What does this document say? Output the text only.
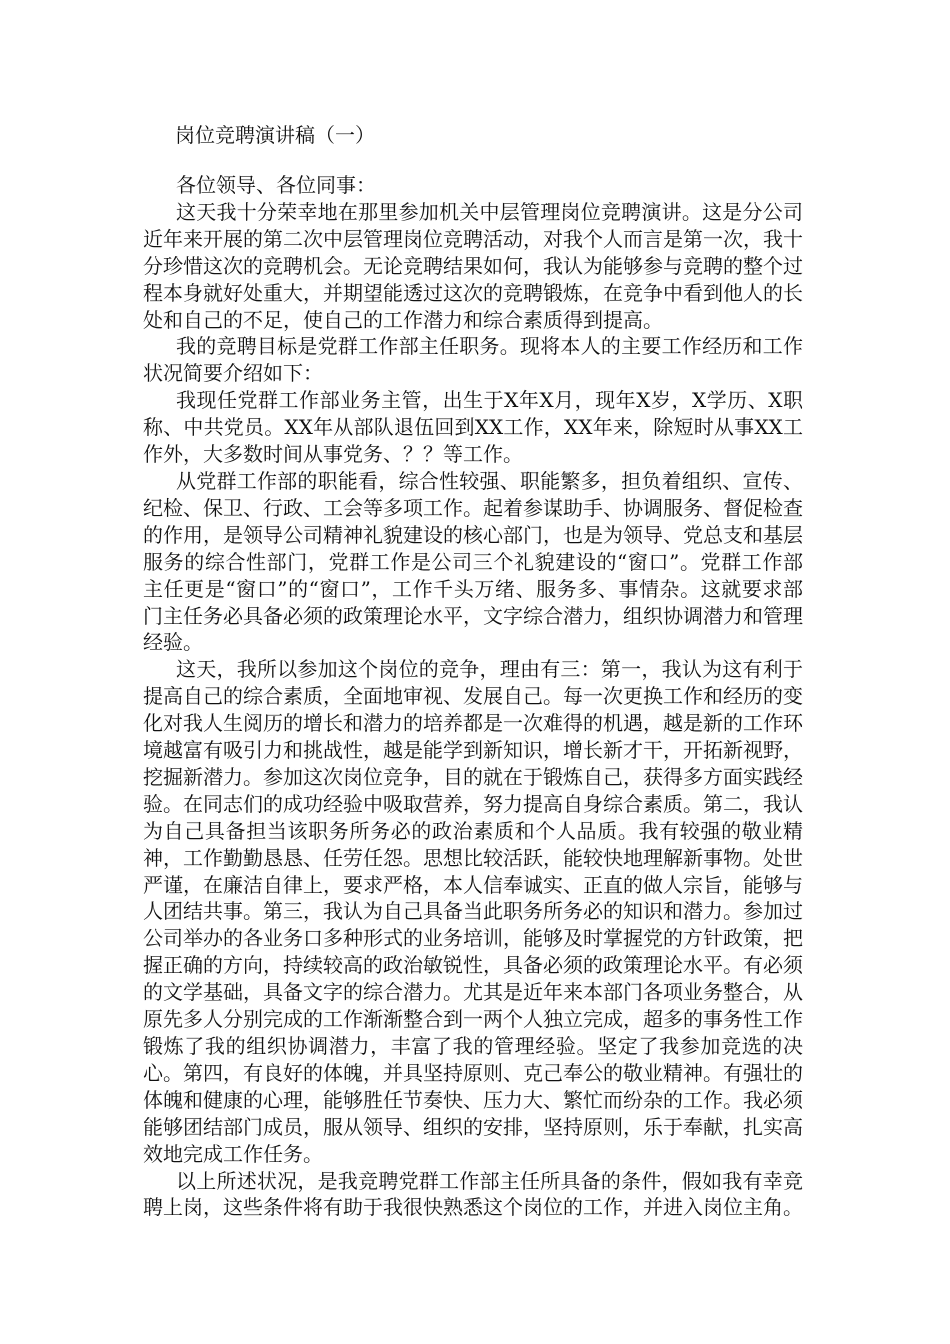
岗位竞聘演讲稿（一）

各位领导、各位同事：

这天我十分荣幸地在那里参加机关中层管理岗位竞聘演讲。这是分公司近年来开展的第二次中层管理岗位竞聘活动，对我个人而言是第一次，我十分珍惜这次的竞聘机会。无论竞聘结果如何，我认为能够参与竞聘的整个过程本身就好处重大，并期望能透过这次的竞聘锻炼，在竞争中看到他人的长处和自己的不足，使自己的工作潜力和综合素质得到提高。

我的竞聘目标是党群工作部主任职务。现将本人的主要工作经历和工作状况简要介绍如下：

我现任党群工作部业务主管，出生于X年X月，现年X岁，X学历、X职称、中共党员。XX年从部队退伍回到XX工作，XX年来，除短时从事XX工作外，大多数时间从事党务、？？等工作。

从党群工作部的职能看，综合性较强、职能繁多，担负着组织、宣传、纪检、保卫、行政、工会等多项工作。起着参谋助手、协调服务、督促检查的作用，是领导公司精神礼貌建设的核心部门，也是为领导、党总支和基层服务的综合性部门，党群工作是公司三个礼貌建设的“窗口”。党群工作部主任更是“窗口”的“窗口”，工作千头万绪、服务多、事情杂。这就要求部门主任务必具备必须的政策理论水平，文字综合潜力，组织协调潜力和管理经验。

这天，我所以参加这个岗位的竞争，理由有三：第一，我认为这有利于提高自己的综合素质，全面地审视、发展自己。每一次更换工作和经历的变化对我人生阅历的增长和潜力的培养都是一次难得的机遇，越是新的工作环境越富有吸引力和挑战性，越是能学到新知识，增长新才干，开拓新视野，挖掘新潜力。参加这次岗位竞争，目的就在于锻炼自己，获得多方面实践经验。在同志们的成功经验中吸取营养，努力提高自身综合素质。第二，我认为自己具备担当该职务所务必的政治素质和个人品质。我有较强的敬业精神，工作勤勤恳恳、任劳任怨。思想比较活跃，能较快地理解新事物。处世严谨，在廉洁自律上，要求严格，本人信奉诚实、正直的做人宗旨，能够与人团结共事。第三，我认为自己具备当此职务所务必的知识和潜力。参加过公司举办的各业务口多种形式的业务培训，能够及时掌握党的方针政策，把握正确的方向，持续较高的政治敏锐性，具备必须的政策理论水平。有必须的文学基础，具备文字的综合潜力。尤其是近年来本部门各项业务整合，从原先多人分别完成的工作渐渐整合到一两个人独立完成，超多的事务性工作锻炼了我的组织协调潜力，丰富了我的管理经验。坚定了我参加竞选的决心。第四，有良好的体魄，并具坚持原则、克己奉公的敬业精神。有强壮的体魄和健康的心理，能够胜任节奏快、压力大、繁忙而纷杂的工作。我必须能够团结部门成员，服从领导、组织的安排，坚持原则，乐于奉献，扎实高效地完成工作任务。

以上所述状况，是我竞聘党群工作部主任所具备的条件，假如我有幸竞聘上岗，这些条件将有助于我很快熟悉这个岗位的工作，并进入岗位主角。
